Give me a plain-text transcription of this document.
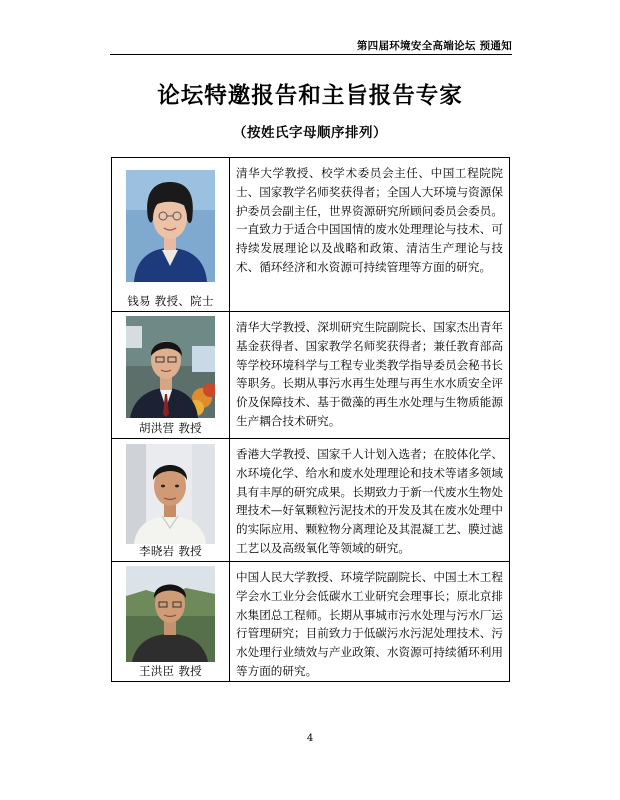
第四届环境安全高端论坛 预通知
论坛特邀报告和主旨报告专家
（按姓氏字母顺序排列）
钱易 教授、院士	清华大学教授、校学术委员会主任、中国工程院院士、国家教学名师奖获得者；全国人大环境与资源保护委员会副主任，世界资源研究所顾问委员会委员。一直致力于适合中国国情的废水处理理论与技术、可持续发展理论以及战略和政策、清洁生产理论与技术、循环经济和水资源可持续管理等方面的研究。

胡洪营 教授	清华大学教授、深圳研究生院副院长、国家杰出青年基金获得者、国家教学名师奖获得者；兼任教育部高等学校环境科学与工程专业类教学指导委员会秘书长等职务。长期从事污水再生处理与再生水水质安全评价及保障技术、基于微藻的再生水处理与生物质能源生产耦合技术研究。

李晓岩 教授	香港大学教授、国家千人计划入选者；在胶体化学、水环境化学、给水和废水处理理论和技术等诸多领域具有丰厚的研究成果。长期致力于新一代废水生物处理技术—好氧颗粒污泥技术的开发及其在废水处理中的实际应用、颗粒物分离理论及其混凝工艺、膜过滤工艺以及高级氧化等领域的研究。

王洪臣 教授	中国人民大学教授、环境学院副院长、中国土木工程学会水工业分会低碳水工业研究会理事长；原北京排水集团总工程师。长期从事城市污水处理与污水厂运行管理研究；目前致力于低碳污水污泥处理技术、污水处理行业绩效与产业政策、水资源可持续循环利用等方面的研究。
4
